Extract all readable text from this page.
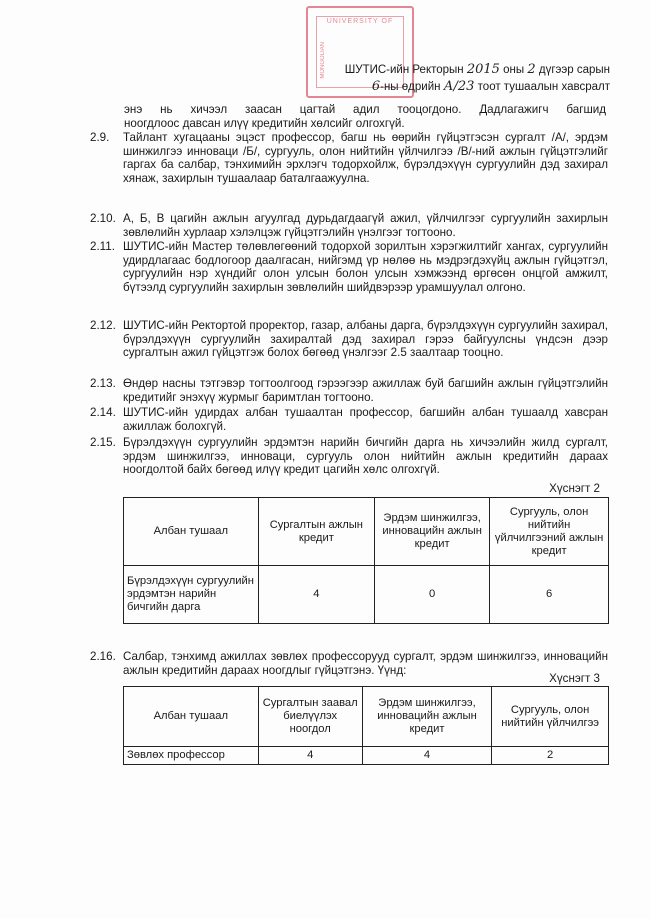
UNIVERSITY OF
MONGOLIAN ШУТИС-ийн Ректорын 2015 оны 2 дүгээр сарын
6-ны өдрийн А/23 тоот тушаалын хавсралт
энэ нь хичээл заасан цагтай адил тооцогдоно. Дадлагажигч багшид
ноогдлоос давсан илүү кредитийн хөлсийг олгохгүй.
2.9.	Тайлант хугацааны эцэст профессор, багш нь өөрийн гүйцэтгэсэн сургалт /А/, эрдэм шинжилгээ инноваци /Б/, сургууль, олон нийтийн үйлчилгээ /В/-ний ажлын гүйцэтгэлийг гаргах ба салбар, тэнхимийн эрхлэгч тодорхойлж, бүрэлдэхүүн сургуулийн дэд захирал хянаж, захирлын тушаалаар баталгаажуулна.
2.10. А, Б, В цагийн ажлын агуулгад дурьдагдаагүй ажил, үйлчилгээг сургуулийн захирлын зөвлөлийн хурлаар хэлэлцэж гүйцэтгэлийн үнэлгээг тогтооно.
2.11. ШУТИС-ийн Мастер төлөвлөгөөний тодорхой зорилтын хэрэгжилтийг хангах, сургуулийн удирдлагаас бодлогоор даалгасан, нийгэмд үр нөлөө нь мэдрэгдэхүйц ажлын гүйцэтгэл, сургуулийн нэр хүндийг олон улсын болон улсын хэмжээнд өргөсөн онцгой амжилт, бүтээлд сургуулийн захирлын зөвлөлийн шийдвэрээр урамшуулал олгоно.
2.12. ШУТИС-ийн Ректортой проректор, газар, албаны дарга, бүрэлдэхүүн сургуулийн захирал, бүрэлдэхүүн сургуулийн захиралтай дэд захирал гэрээ байгуулсны үндсэн дээр сургалтын ажил гүйцэтгэж болох бөгөөд үнэлгээг 2.5 заалтаар тооцно.
2.13. Өндөр насны тэтгэвэр тогтоолгоод гэрээгээр ажиллаж буй багшийн ажлын гүйцэтгэлийн кредитийг энэхүү журмыг баримтлан тогтооно.
2.14. ШУТИС-ийн удирдах албан тушаалтан профессор, багшийн албан тушаалд хавсран ажиллаж болохгүй.
2.15. Бүрэлдэхүүн сургуулийн эрдэмтэн нарийн бичгийн дарга нь хичээлийн жилд сургалт, эрдэм шинжилгээ, инноваци, сургууль олон нийтийн ажлын кредитийн дараах ноогдолтой байх бөгөөд илүү кредит цагийн хөлс олгохгүй.
Хүснэгт 2
Албан тушаал	Сургалтын ажлын кредит	Эрдэм шинжилгээ, инновацийн ажлын кредит	Сургууль, олон нийтийн үйлчилгээний ажлын кредит
Бүрэлдэхүүн сургуулийн эрдэмтэн нарийн бичгийн дарга	4	0	6
2.16. Салбар, тэнхимд ажиллах зөвлөх профессорууд сургалт, эрдэм шинжилгээ, инновацийн ажлын кредитийн дараах ноогдлыг гүйцэтгэнэ. Үүнд:
Хүснэгт 3
Албан тушаал	Сургалтын заавал биелүүлэх ноогдол	Эрдэм шинжилгээ, инновацийн ажлын кредит	Сургууль, олон нийтийн үйлчилгээ
Зөвлөх профессор	4	4	2
